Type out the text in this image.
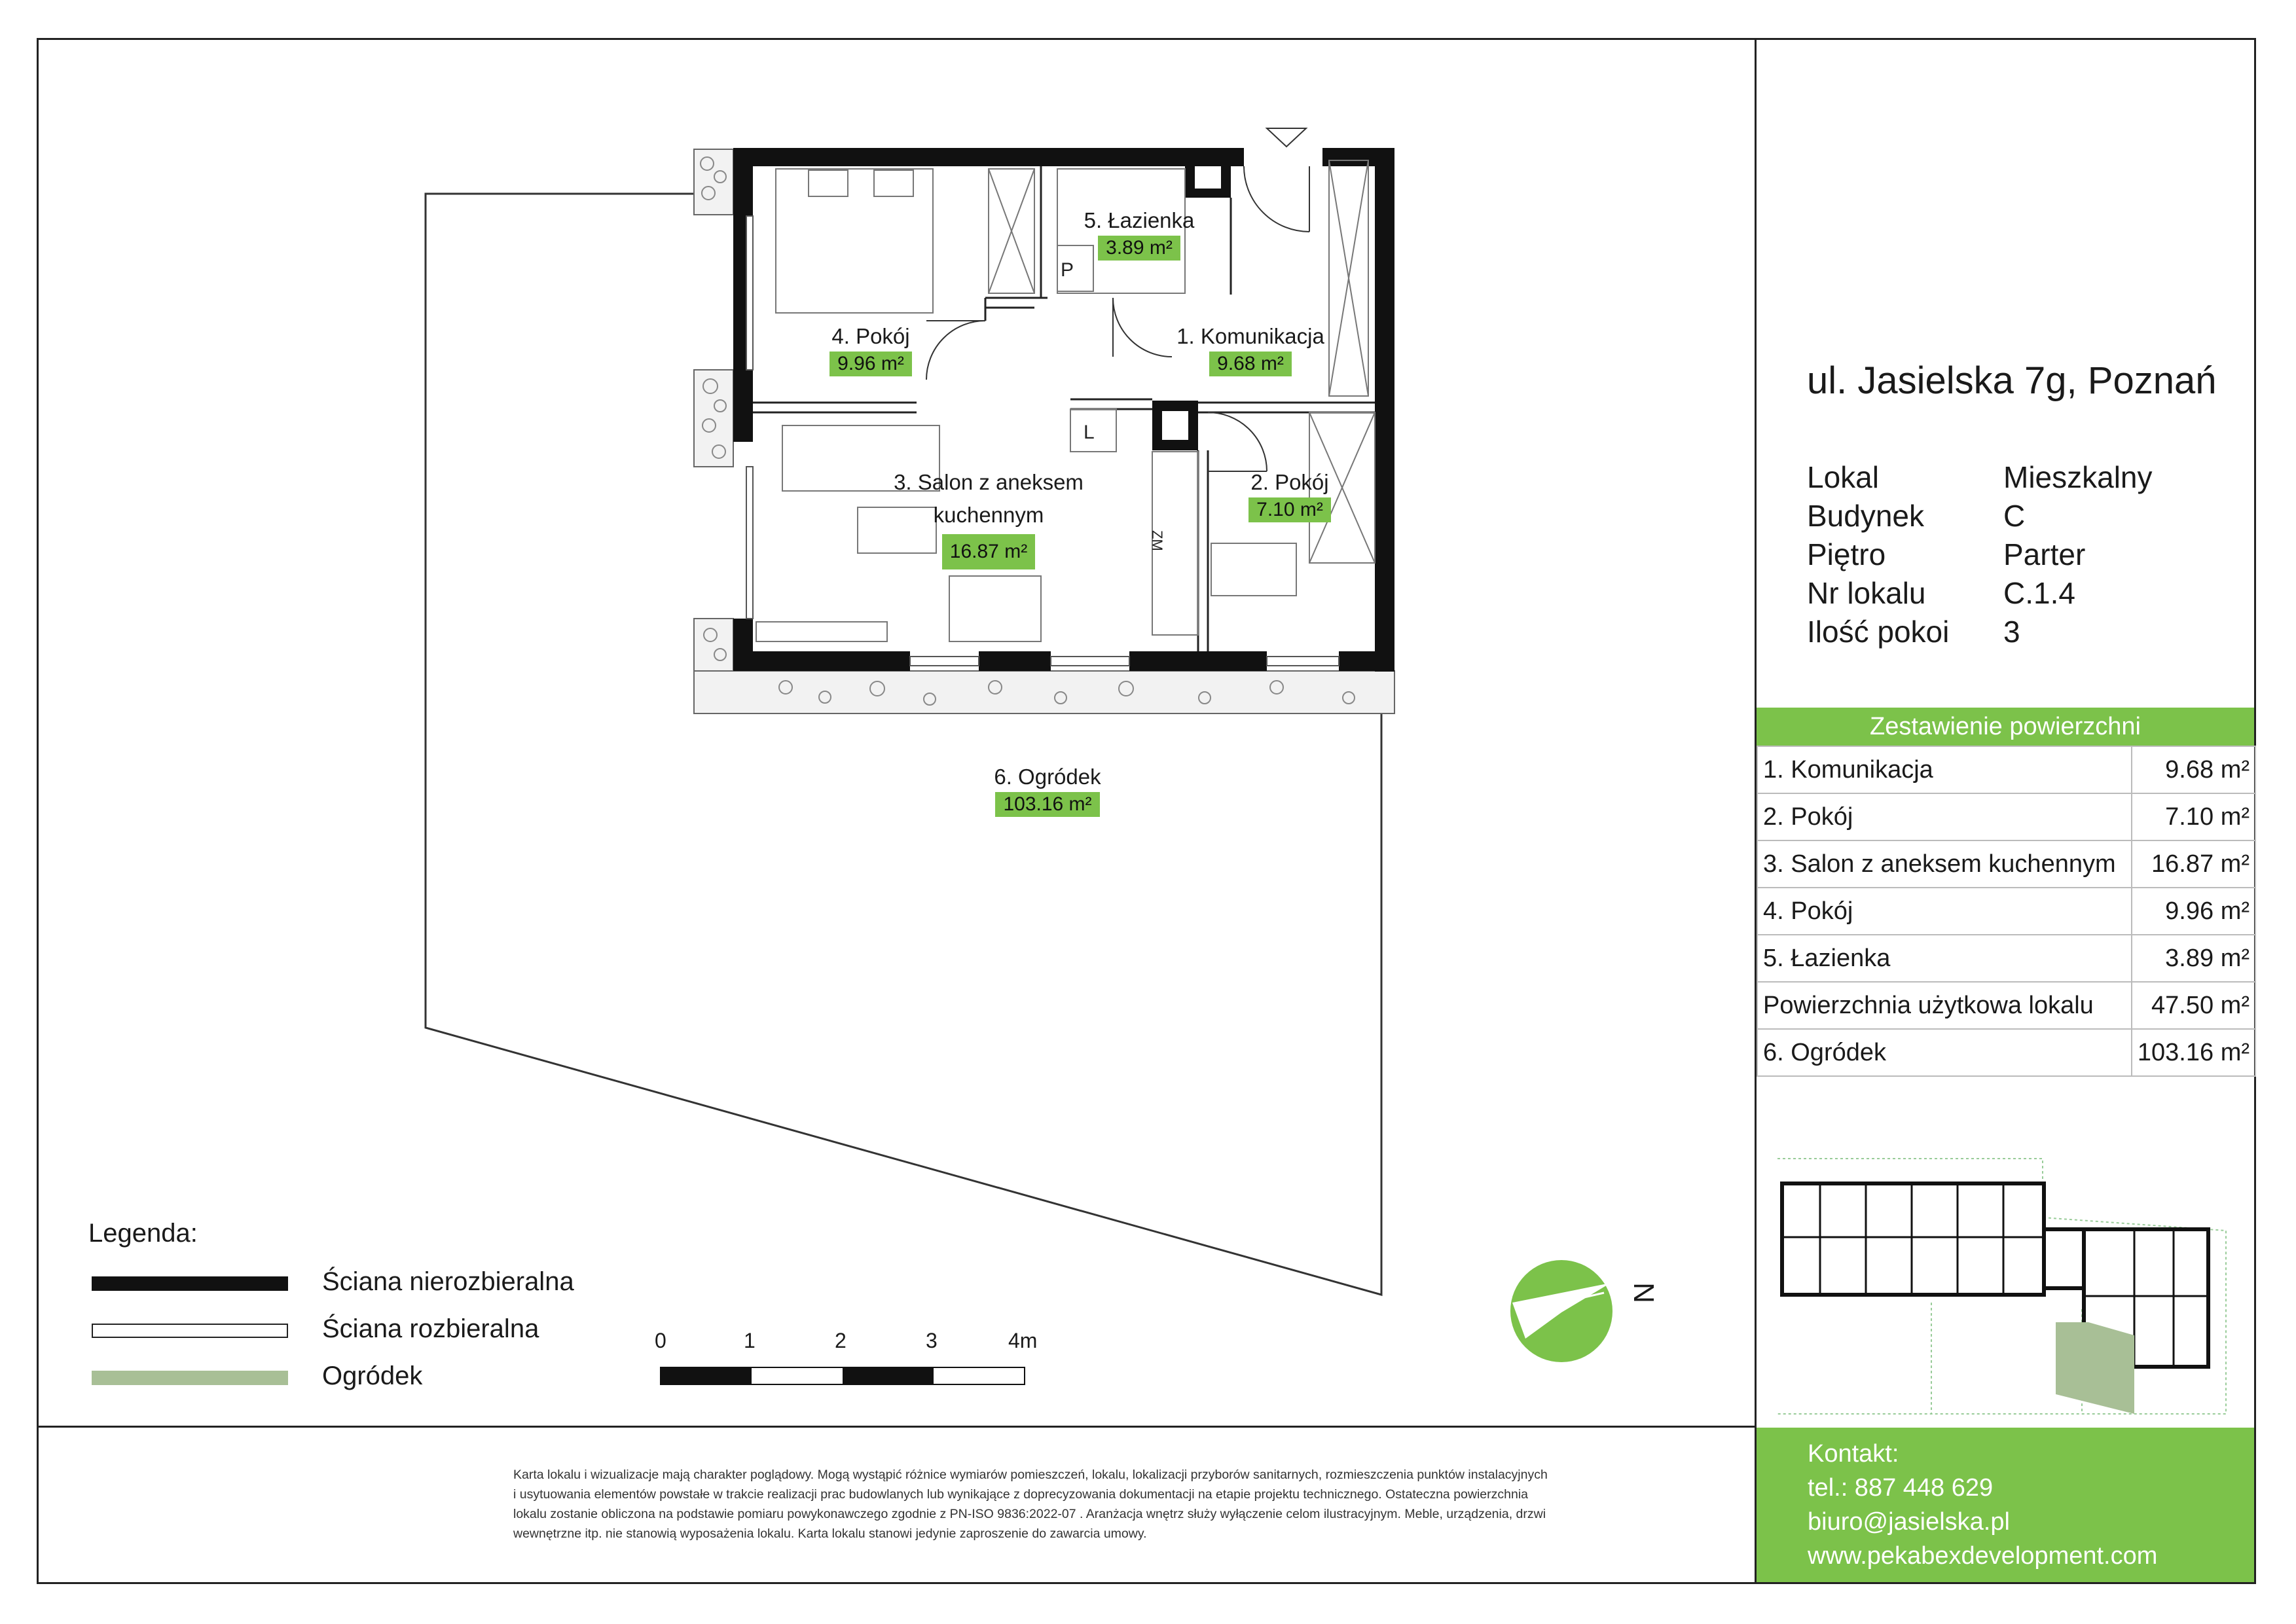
P
L
ZM
5. Łazienka
3.89 m²
4. Pokój
9.96 m²
1. Komunikacja
9.68 m²
3. Salon z aneksem
kuchennym
16.87 m²
2. Pokój
7.10 m²
6. Ogródek
103.16 m²
Legenda:
Ściana nierozbieralna
Ściana rozbieralna
Ogródek
0	1	2	3	4m
N
ul. Jasielska 7g, Poznań
Lokal	Mieszkalny
Budynek	C
Piętro	Parter
Nr lokalu	C.1.4
Ilość pokoi	3
Zestawienie powierzchni
1. Komunikacja	9.68 m²
2. Pokój	7.10 m²
3. Salon z aneksem kuchennym	16.87 m²
4. Pokój	9.96 m²
5. Łazienka	3.89 m²
Powierzchnia użytkowa lokalu	47.50 m²
6. Ogródek	103.16 m²
Karta lokalu i wizualizacje mają charakter poglądowy. Mogą wystąpić różnice wymiarów pomieszczeń, lokalu, lokalizacji przyborów sanitarnych, rozmieszczenia punktów instalacyjnych
i usytuowania elementów powstałe w trakcie realizacji prac budowlanych lub wynikające z doprecyzowania dokumentacji na etapie projektu technicznego. Ostateczna powierzchnia
lokalu zostanie obliczona na podstawie pomiaru powykonawczego zgodnie z PN-ISO 9836:2022-07 . Aranżacja wnętrz służy wyłączenie celom ilustracyjnym. Meble, urządzenia, drzwi
wewnętrzne itp. nie stanowią wyposażenia lokalu. Karta lokalu stanowi jedynie zaproszenie do zawarcia umowy.
Kontakt:
tel.: 887 448 629
biuro@jasielska.pl
www.pekabexdevelopment.com
